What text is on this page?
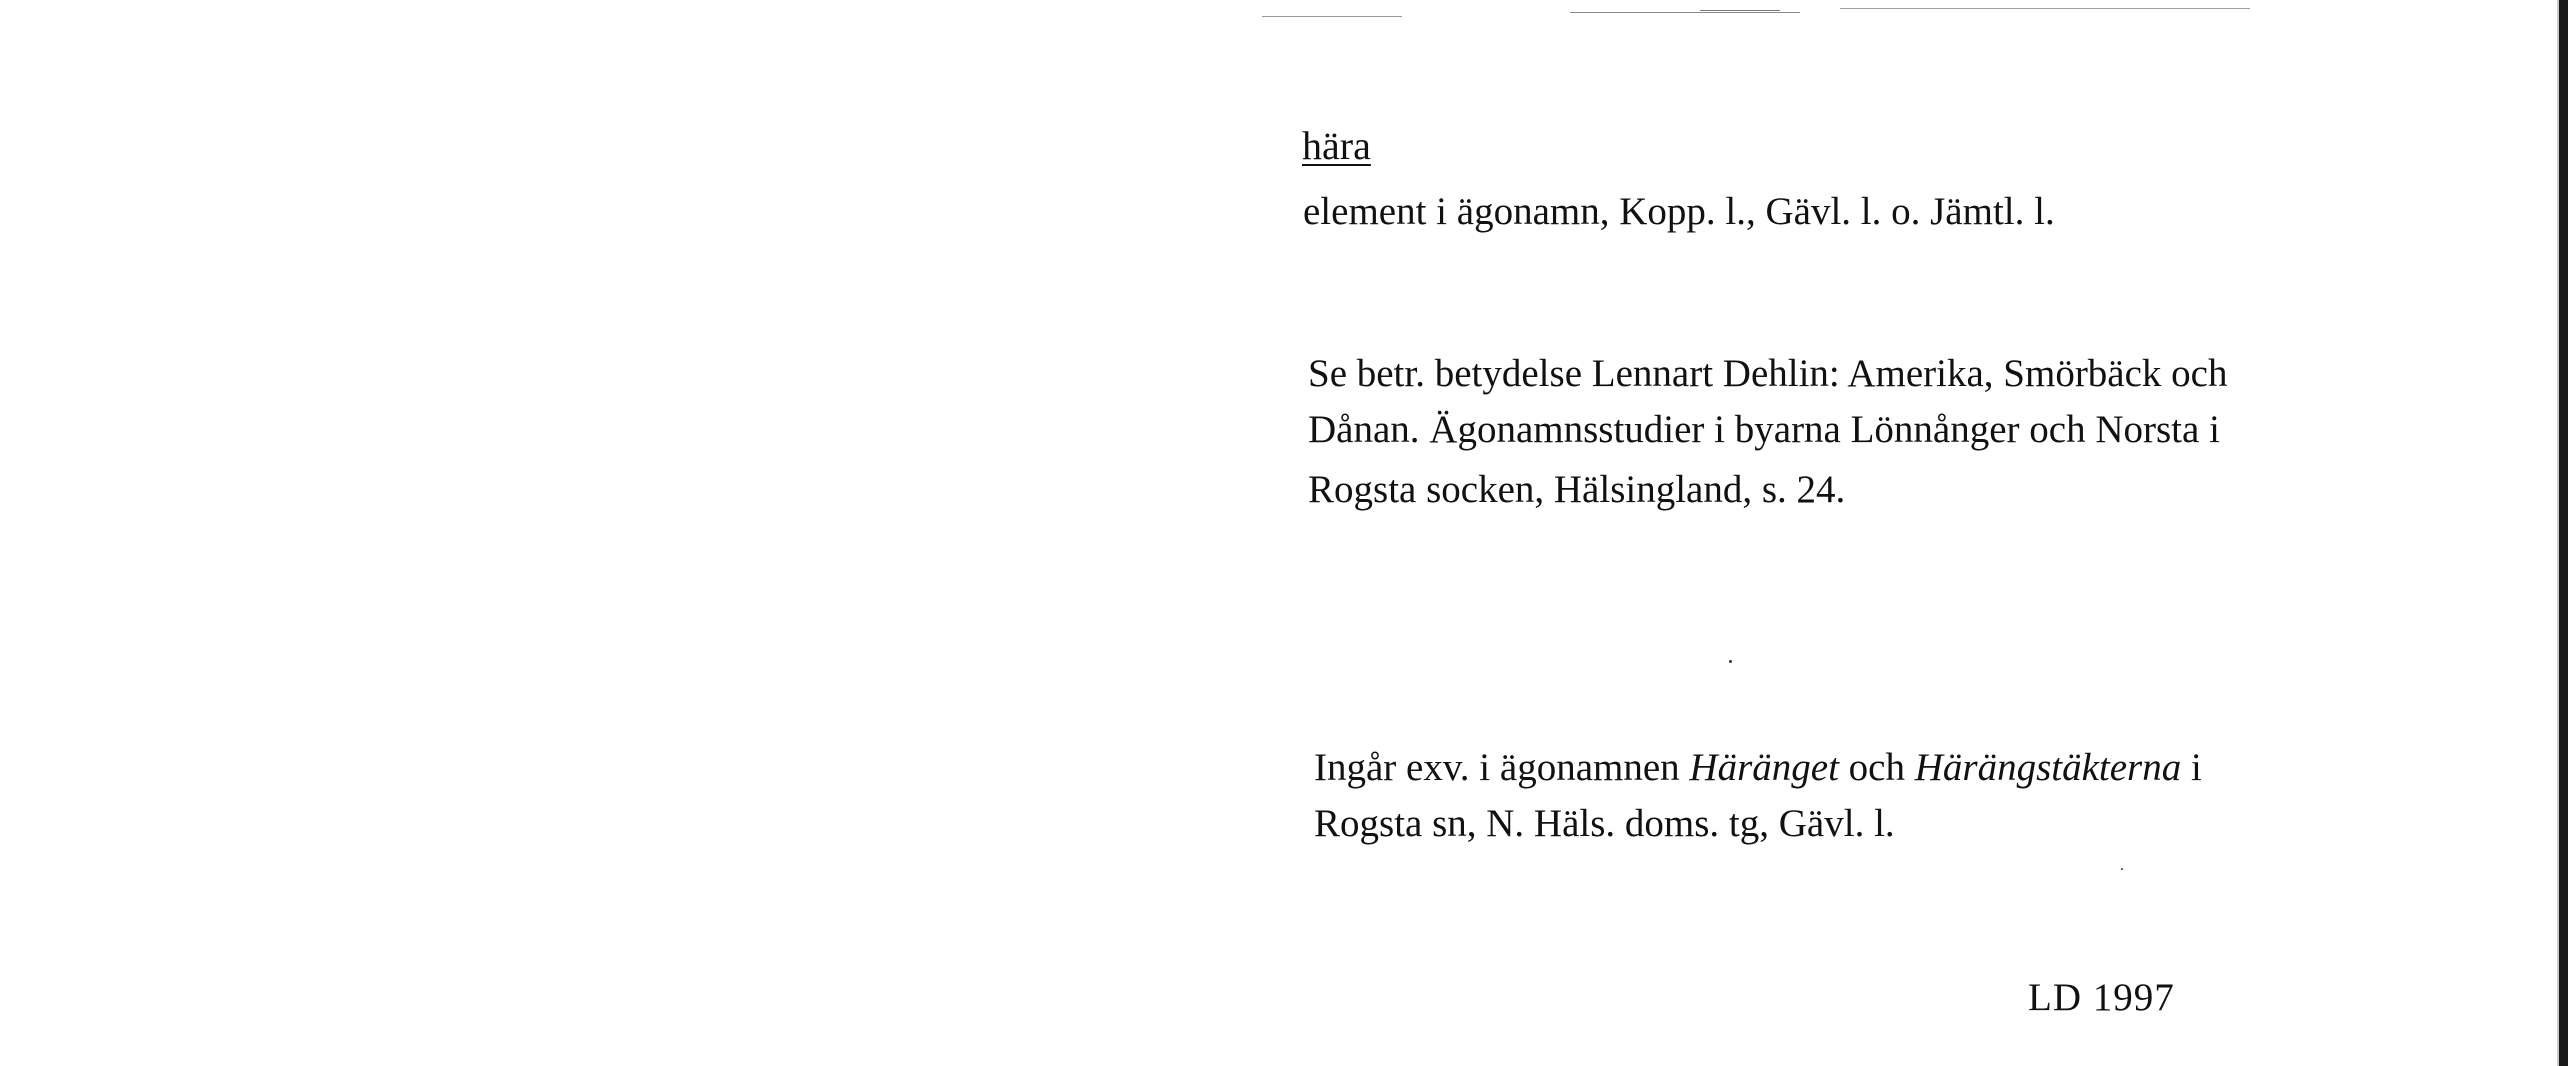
hära
element i ägonamn, Kopp. l., Gävl. l. o. Jämtl. l.
Se betr. betydelse Lennart Dehlin: Amerika, Smörbäck och
Dånan. Ägonamnsstudier i byarna Lönnånger och Norsta i
Rogsta socken, Hälsingland, s. 24.
Ingår exv. i ägonamnen Häränget och Härängstäkterna i
Rogsta sn, N. Häls. doms. tg, Gävl. l.
LD 1997
